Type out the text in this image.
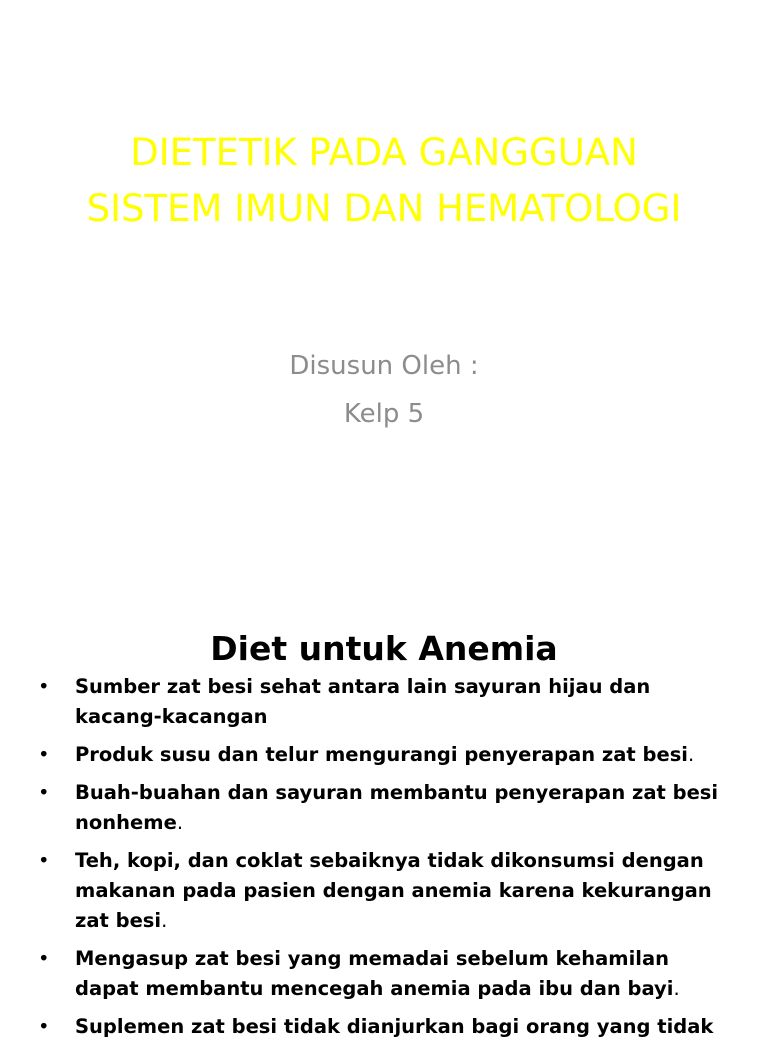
DIETETIK PADA GANGGUAN
SISTEM IMUN DAN HEMATOLOGI
Disusun Oleh :
Kelp 5
Diet untuk Anemia
• Sumber zat besi sehat antara lain sayuran hijau dan kacang-kacangan
• Produk susu dan telur mengurangi penyerapan zat besi.
• Buah-buahan dan sayuran membantu penyerapan zat besi nonheme.
• Teh, kopi, dan coklat sebaiknya tidak dikonsumsi dengan makanan pada pasien dengan anemia karena kekurangan zat besi.
• Mengasup zat besi yang memadai sebelum kehamilan dapat membantu mencegah anemia pada ibu dan bayi.
• Suplemen zat besi tidak dianjurkan bagi orang yang tidak
